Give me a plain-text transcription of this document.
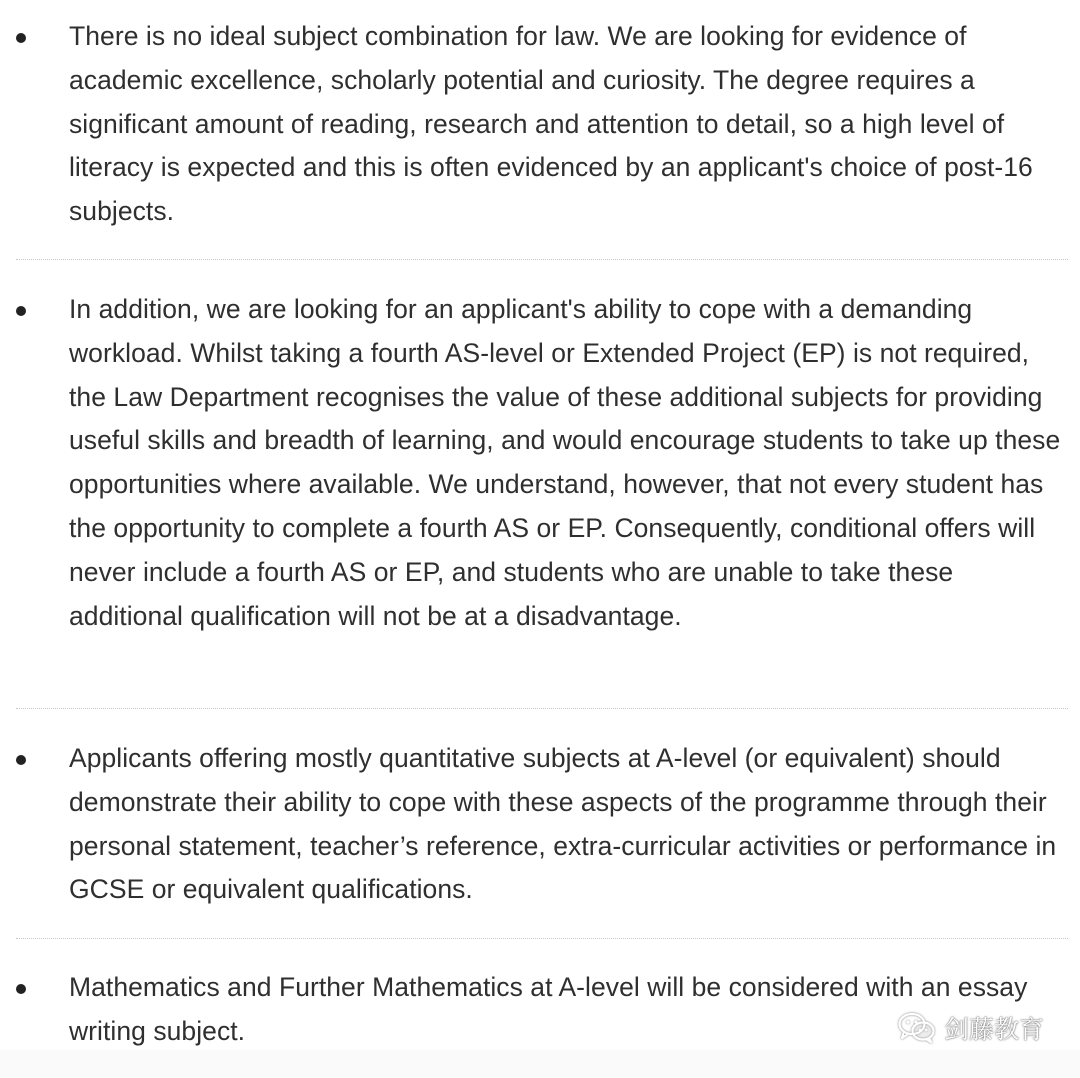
There is no ideal subject combination for law. We are looking for evidence of academic excellence, scholarly potential and curiosity. The degree requires a significant amount of reading, research and attention to detail, so a high level of literacy is expected and this is often evidenced by an applicant's choice of post-16 subjects.
In addition, we are looking for an applicant's ability to cope with a demanding workload. Whilst taking a fourth AS-level or Extended Project (EP) is not required, the Law Department recognises the value of these additional subjects for providing useful skills and breadth of learning, and would encourage students to take up these opportunities where available. We understand, however, that not every student has the opportunity to complete a fourth AS or EP. Consequently, conditional offers will never include a fourth AS or EP, and students who are unable to take these additional qualification will not be at a disadvantage.
Applicants offering mostly quantitative subjects at A-level (or equivalent) should demonstrate their ability to cope with these aspects of the programme through their personal statement, teacher’s reference, extra-curricular activities or performance in GCSE or equivalent qualifications.
Mathematics and Further Mathematics at A-level will be considered with an essay writing subject.	剑藤教育
